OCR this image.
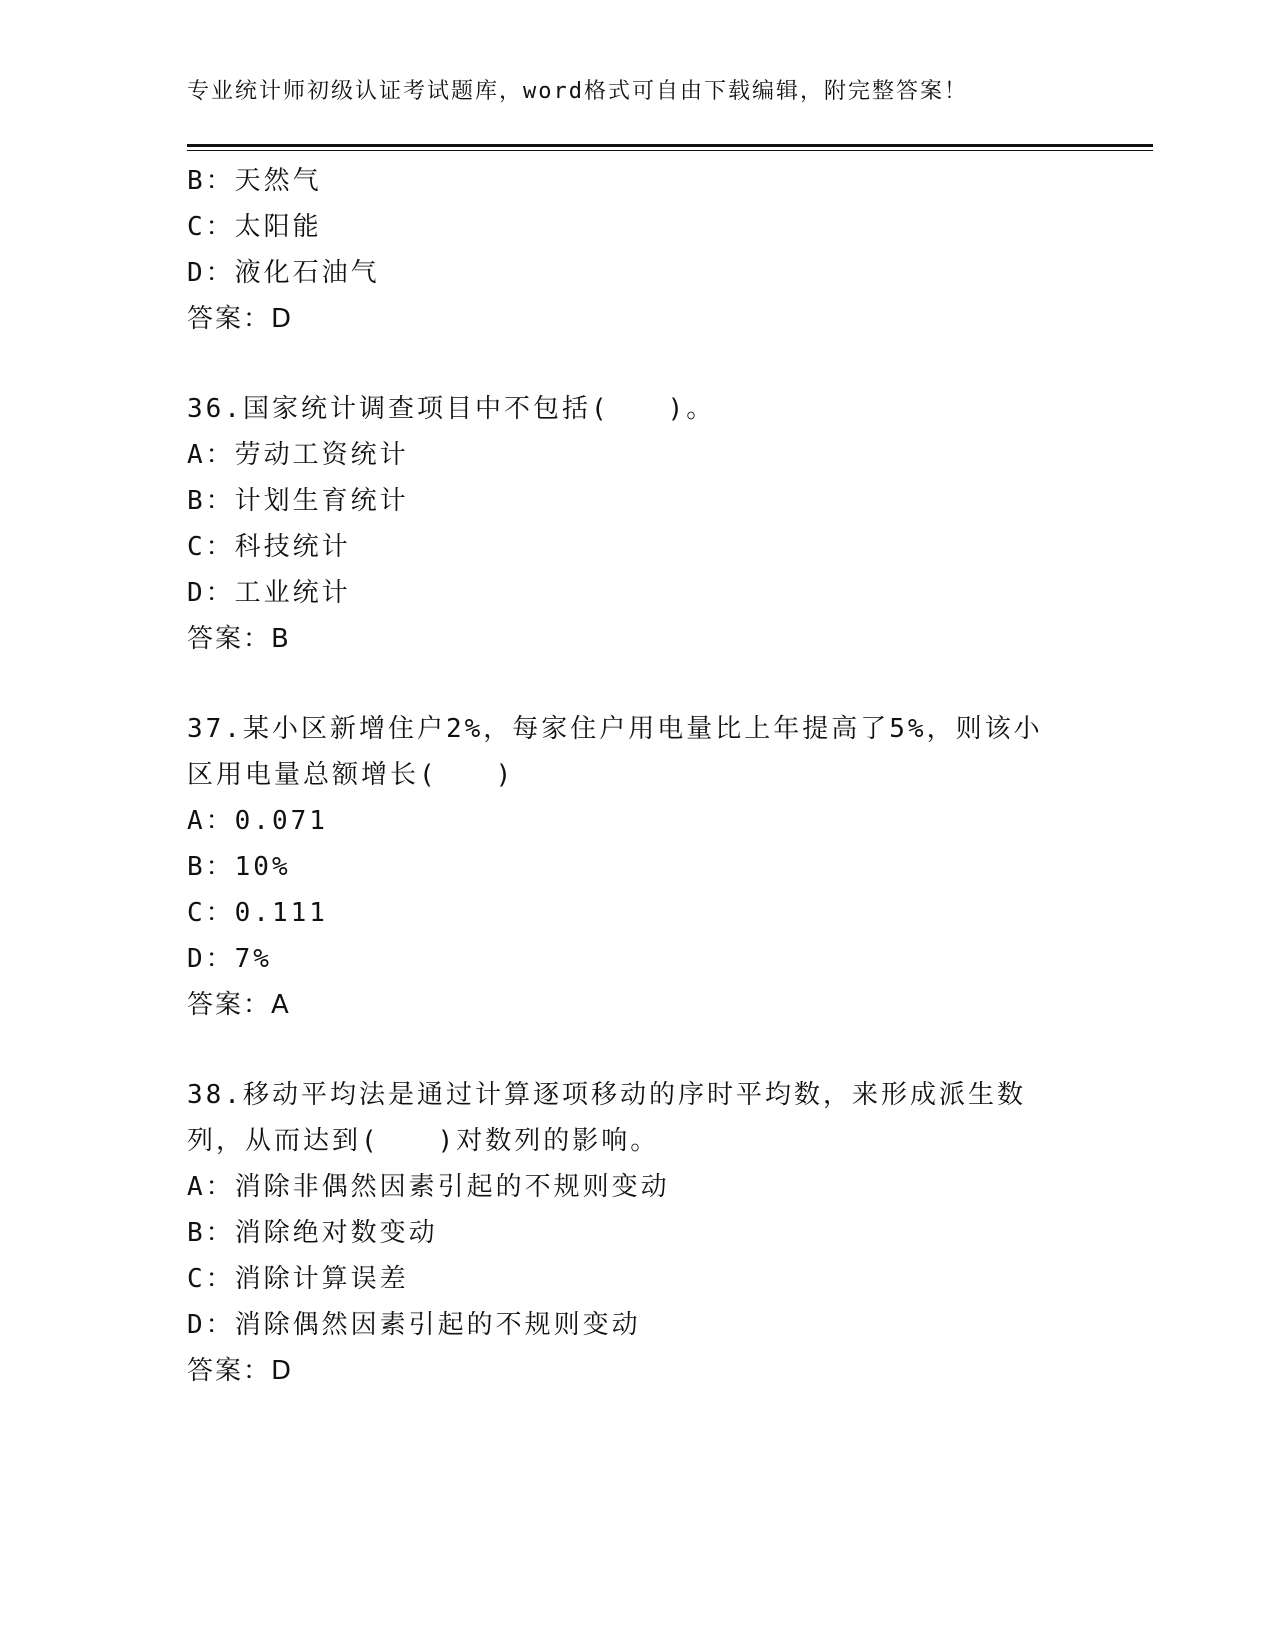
专业统计师初级认证考试题库，word格式可自由下载编辑，附完整答案！
B：天然气
C：太阳能
D：液化石油气
答案：D
36.国家统计调查项目中不包括(　　)。
A：劳动工资统计
B：计划生育统计
C：科技统计
D：工业统计
答案：B
37.某小区新增住户2%，每家住户用电量比上年提高了5%，则该小区用电量总额增长(　　)
A：0.071
B：10%
C：0.111
D：7%
答案：A
38.移动平均法是通过计算逐项移动的序时平均数，来形成派生数列，从而达到(　　)对数列的影响。
A：消除非偶然因素引起的不规则变动
B：消除绝对数变动
C：消除计算误差
D：消除偶然因素引起的不规则变动
答案：D
